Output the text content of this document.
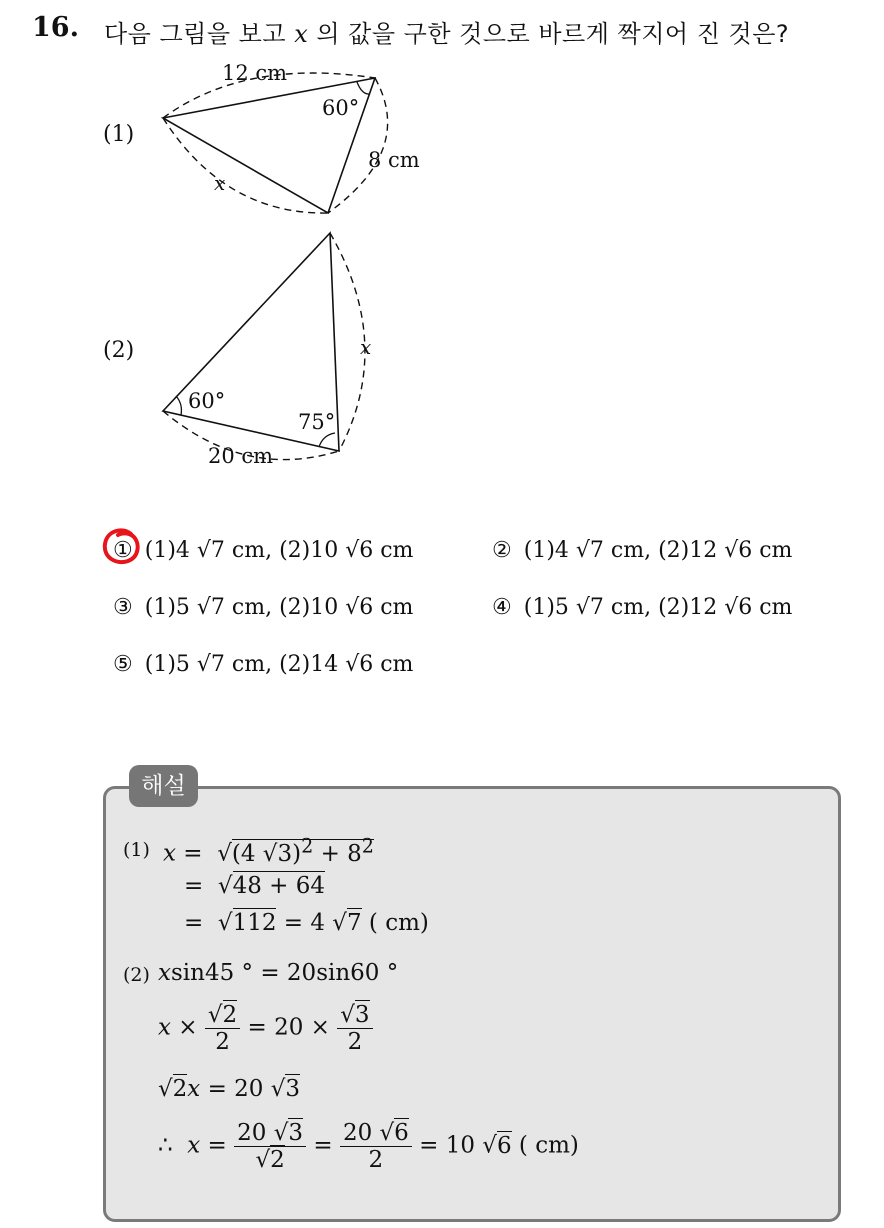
16. 다음 그림을 보고 x 의 값을 구한 것으로 바르게 짝지어 진 것은?
(1)
(2)
12 cm
60°
8 cm
x
60°
75°
x
20 cm
① (1)4 √7 cm, (2)10 √6 cm	② (1)4 √7 cm, (2)12 √6 cm
③ (1)5 √7 cm, (2)10 √6 cm	④ (1)5 √7 cm, (2)12 √6 cm
⑤ (1)5 √7 cm, (2)14 √6 cm
해설
(1) x =  √(4 $√3)^2 + 8^2$
=  √48 + 64
=  √112 = 4 √7 ( cm)
(2) xsin45 ° = 20sin60 °
$x \times \frac{√2}{2} = 20 \times \frac{√3}{2}$
√2x = 20 √3
∴  $x = \frac{20 √3}{√2} = \frac{20 √6}{2} = 10$ √6 ( cm)
